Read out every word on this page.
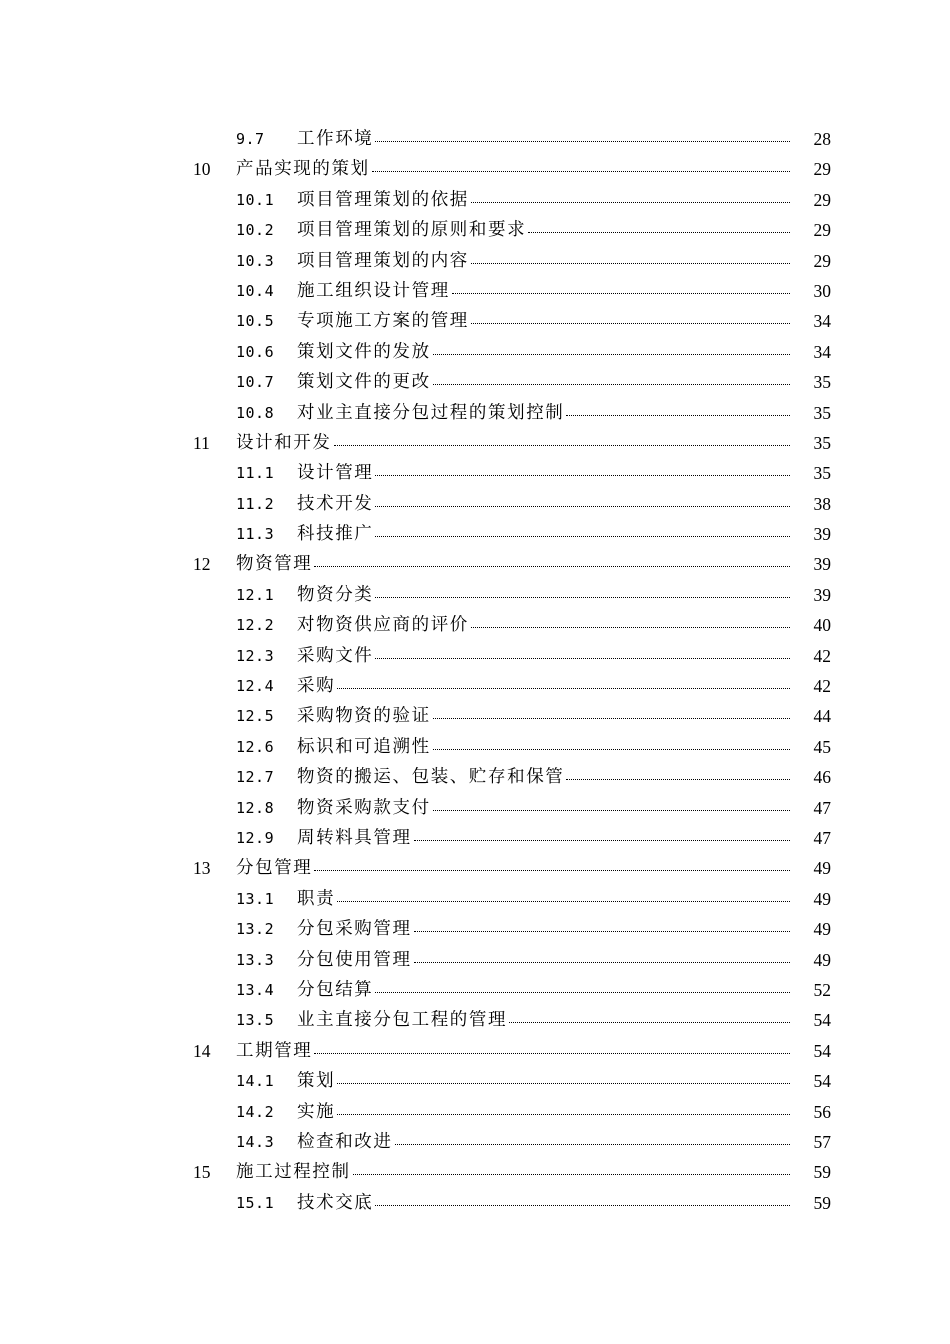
9.7 工作环境	28
10 产品实现的策划	29
10.1 项目管理策划的依据	29
10.2 项目管理策划的原则和要求	29
10.3 项目管理策划的内容	29
10.4 施工组织设计管理	30
10.5 专项施工方案的管理	34
10.6 策划文件的发放	34
10.7 策划文件的更改	35
10.8 对业主直接分包过程的策划控制	35
11 设计和开发	35
11.1 设计管理	35
11.2 技术开发	38
11.3 科技推广	39
12 物资管理	39
12.1 物资分类	39
12.2 对物资供应商的评价	40
12.3 采购文件	42
12.4 采购	42
12.5 采购物资的验证	44
12.6 标识和可追溯性	45
12.7 物资的搬运、包装、贮存和保管	46
12.8 物资采购款支付	47
12.9 周转料具管理	47
13 分包管理	49
13.1 职责	49
13.2 分包采购管理	49
13.3 分包使用管理	49
13.4 分包结算	52
13.5 业主直接分包工程的管理	54
14 工期管理	54
14.1 策划	54
14.2 实施	56
14.3 检查和改进	57
15 施工过程控制	59
15.1 技术交底	59
